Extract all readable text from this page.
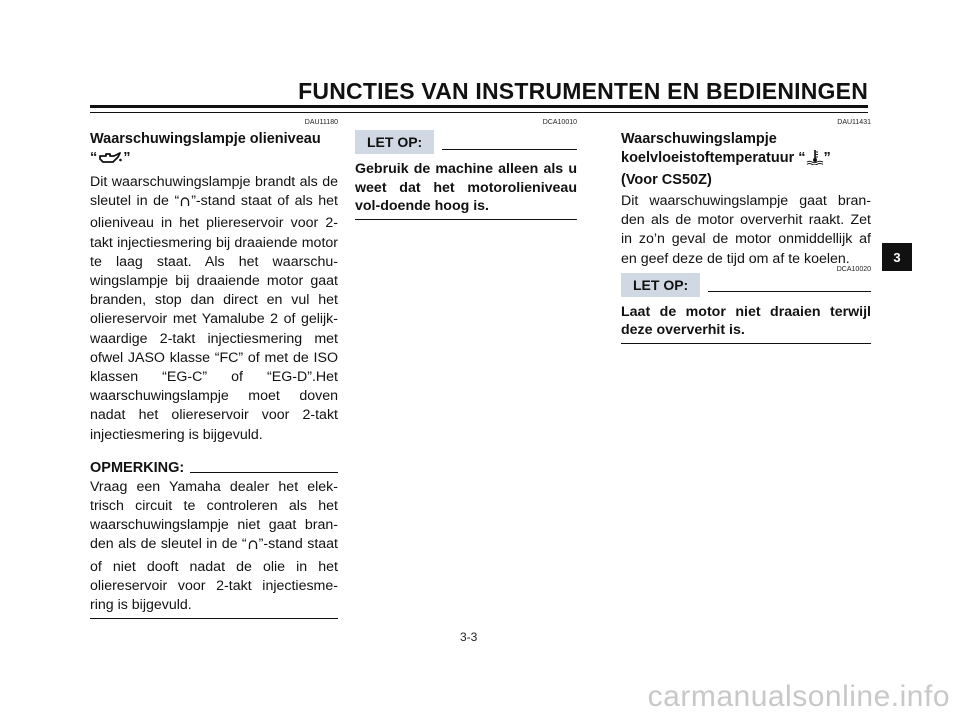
FUNCTIES VAN INSTRUMENTEN EN BEDIENINGEN
DAU11180
Waarschuwingslampje olieniveau
“ ”

Dit waarschuwingslampje brandt als de sleutel in de “ ”-stand staat of als het olieniveau in het pliereservoir voor 2-takt injectiesmering bij draaiende motor te laag staat. Als het waarschu-wingslampje bij draaiende motor gaat branden, stop dan direct en vul het oliereservoir met Yamalube 2 of gelijk-waardige 2-takt injectiesmering met ofwel JASO klasse “FC” of met de ISO klassen “EG-C” of “EG-D”.Het waarschuwingslampje moet doven nadat het oliereservoir voor 2-takt injectiesmering is bijgevuld.

OPMERKING:

Vraag een Yamaha dealer het elek-trisch circuit te controleren als het waarschuwingslampje niet gaat bran-den als de sleutel in de “ ”-stand staat of niet dooft nadat de olie in het oliereservoir voor 2-takt injectiesme-ring is bijgevuld.

DCA10010
LET OP:

Gebruik de machine alleen als u weet dat het motorolieniveau vol-doende hoog is.

DAU11431
Waarschuwingslampje
koelvloeistoftemperatuur “ ”
(Voor CS50Z)

Dit waarschuwingslampje gaat bran-den als de motor oververhit raakt. Zet in zo’n geval de motor onmiddellijk af en geef deze de tijd om af te koelen.

DCA10020
LET OP:

Laat de motor niet draaien terwijl deze oververhit is.

3
3-3
carmanualsonline.info
